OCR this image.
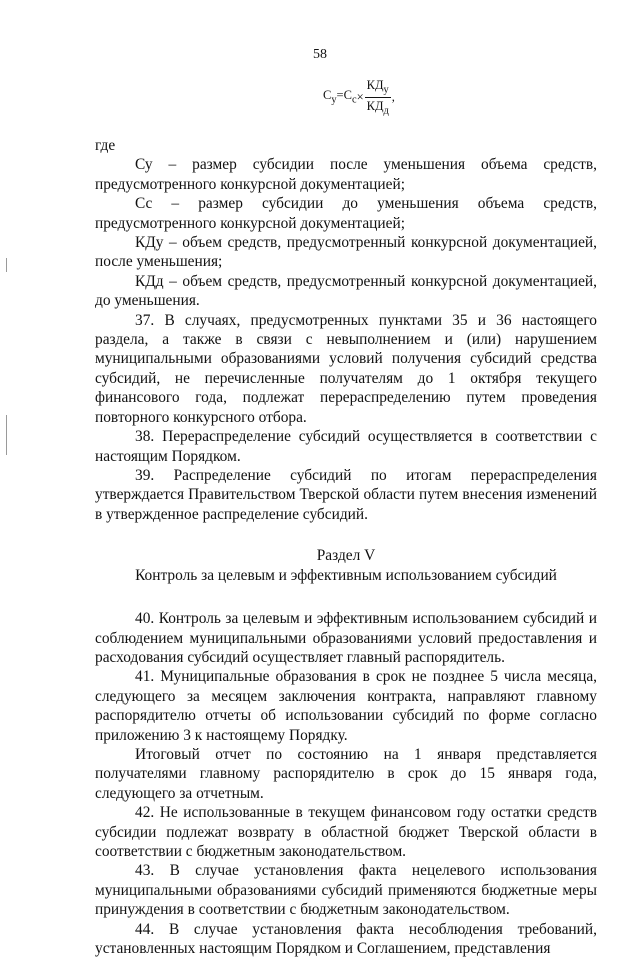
58
$С_у =С_с \times \frac{КД_у}{КД_д}$ ,

где

Су – размер субсидии после уменьшения объема средств, предусмотренного конкурсной документацией;

Сс – размер субсидии до уменьшения объема средств, предусмотренного конкурсной документацией;

КДу – объем средств, предусмотренный конкурсной документацией, после уменьшения;

КДд – объем средств, предусмотренный конкурсной документацией, до уменьшения.

37. В случаях, предусмотренных пунктами 35 и 36 настоящего раздела, а также в связи с невыполнением и (или) нарушением муниципальными образованиями условий получения субсидий средства субсидий, не перечисленные получателям до 1 октября текущего финансового года, подлежат перераспределению путем проведения повторного конкурсного отбора.

38. Перераспределение субсидий осуществляется в соответствии с настоящим Порядком.

39. Распределение субсидий по итогам перераспределения утверждается Правительством Тверской области путем внесения изменений в утвержденное распределение субсидий.

Раздел V
Контроль за целевым и эффективным использованием субсидий

40. Контроль за целевым и эффективным использованием субсидий и соблюдением муниципальными образованиями условий предоставления и расходования субсидий осуществляет главный распорядитель.

41. Муниципальные образования в срок не позднее 5 числа месяца, следующего за месяцем заключения контракта, направляют главному распорядителю отчеты об использовании субсидий по форме согласно приложению 3 к настоящему Порядку.

Итоговый отчет по состоянию на 1 января представляется получателями главному распорядителю в срок до 15 января года, следующего за отчетным.

42. Не использованные в текущем финансовом году остатки средств субсидии подлежат возврату в областной бюджет Тверской области в соответствии с бюджетным законодательством.

43. В случае установления факта нецелевого использования муниципальными образованиями субсидий применяются бюджетные меры принуждения в соответствии с бюджетным законодательством.

44. В случае установления факта несоблюдения требований, установленных настоящим Порядком и Соглашением, представления
